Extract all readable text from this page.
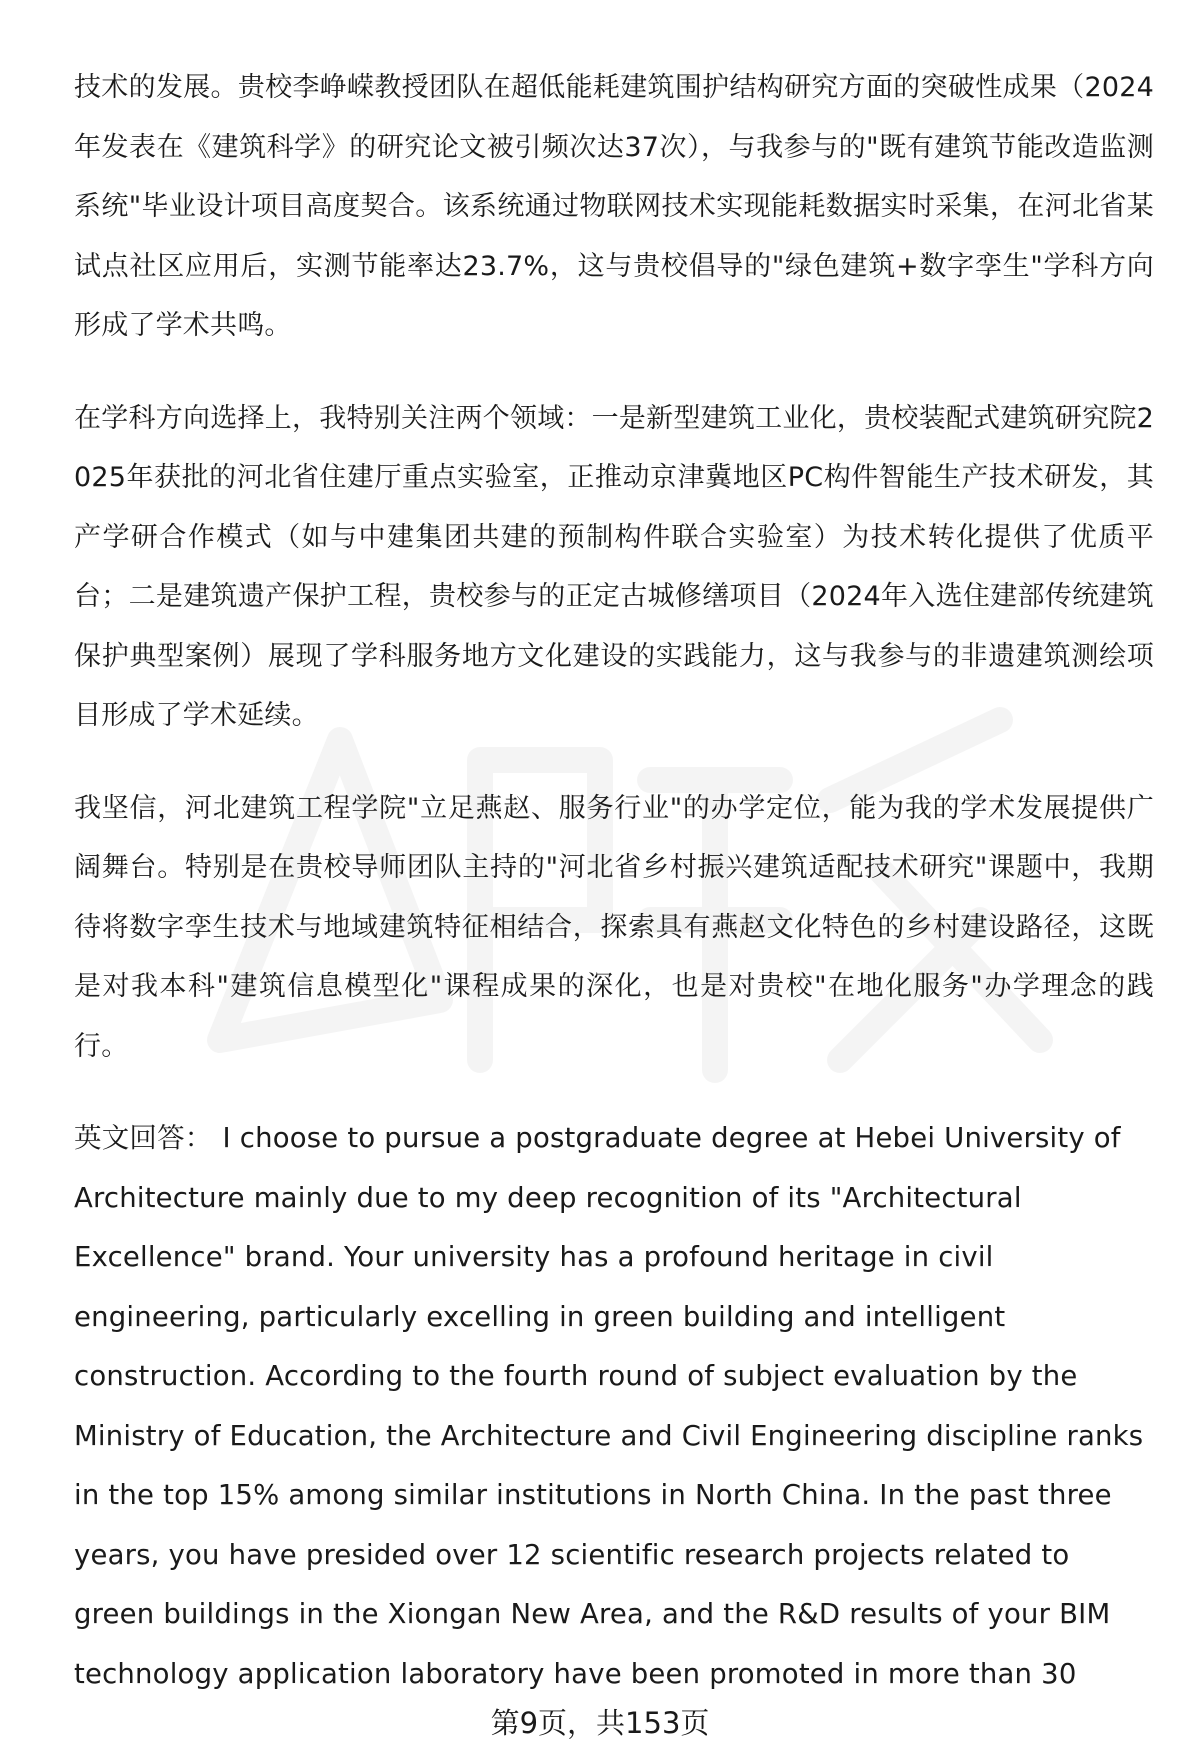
技术的发展。贵校李峥嵘教授团队在超低能耗建筑围护结构研究方面的突破性成果（2024年发表在《建筑科学》的研究论文被引频次达37次），与我参与的"既有建筑节能改造监测系统"毕业设计项目高度契合。该系统通过物联网技术实现能耗数据实时采集，在河北省某试点社区应用后，实测节能率达23.7%，这与贵校倡导的"绿色建筑+数字孪生"学科方向形成了学术共鸣。

在学科方向选择上，我特别关注两个领域：一是新型建筑工业化，贵校装配式建筑研究院2025年获批的河北省住建厅重点实验室，正推动京津冀地区PC构件智能生产技术研发，其产学研合作模式（如与中建集团共建的预制构件联合实验室）为技术转化提供了优质平台；二是建筑遗产保护工程，贵校参与的正定古城修缮项目（2024年入选住建部传统建筑保护典型案例）展现了学科服务地方文化建设的实践能力，这与我参与的非遗建筑测绘项目形成了学术延续。

我坚信，河北建筑工程学院"立足燕赵、服务行业"的办学定位，能为我的学术发展提供广阔舞台。特别是在贵校导师团队主持的"河北省乡村振兴建筑适配技术研究"课题中，我期待将数字孪生技术与地域建筑特征相结合，探索具有燕赵文化特色的乡村建设路径，这既是对我本科"建筑信息模型化"课程成果的深化，也是对贵校"在地化服务"办学理念的践行。

英文回答： I choose to pursue a postgraduate degree at Hebei University of Architecture mainly due to my deep recognition of its "Architectural Excellence" brand. Your university has a profound heritage in civil engineering, particularly excelling in green building and intelligent construction. According to the fourth round of subject evaluation by the Ministry of Education, the Architecture and Civil Engineering discipline ranks in the top 15% among similar institutions in North China. In the past three years, you have presided over 12 scientific research projects related to green buildings in the Xiongan New Area, and the R&D results of your BIM technology application laboratory have been promoted in more than 30

第9页，共153页
